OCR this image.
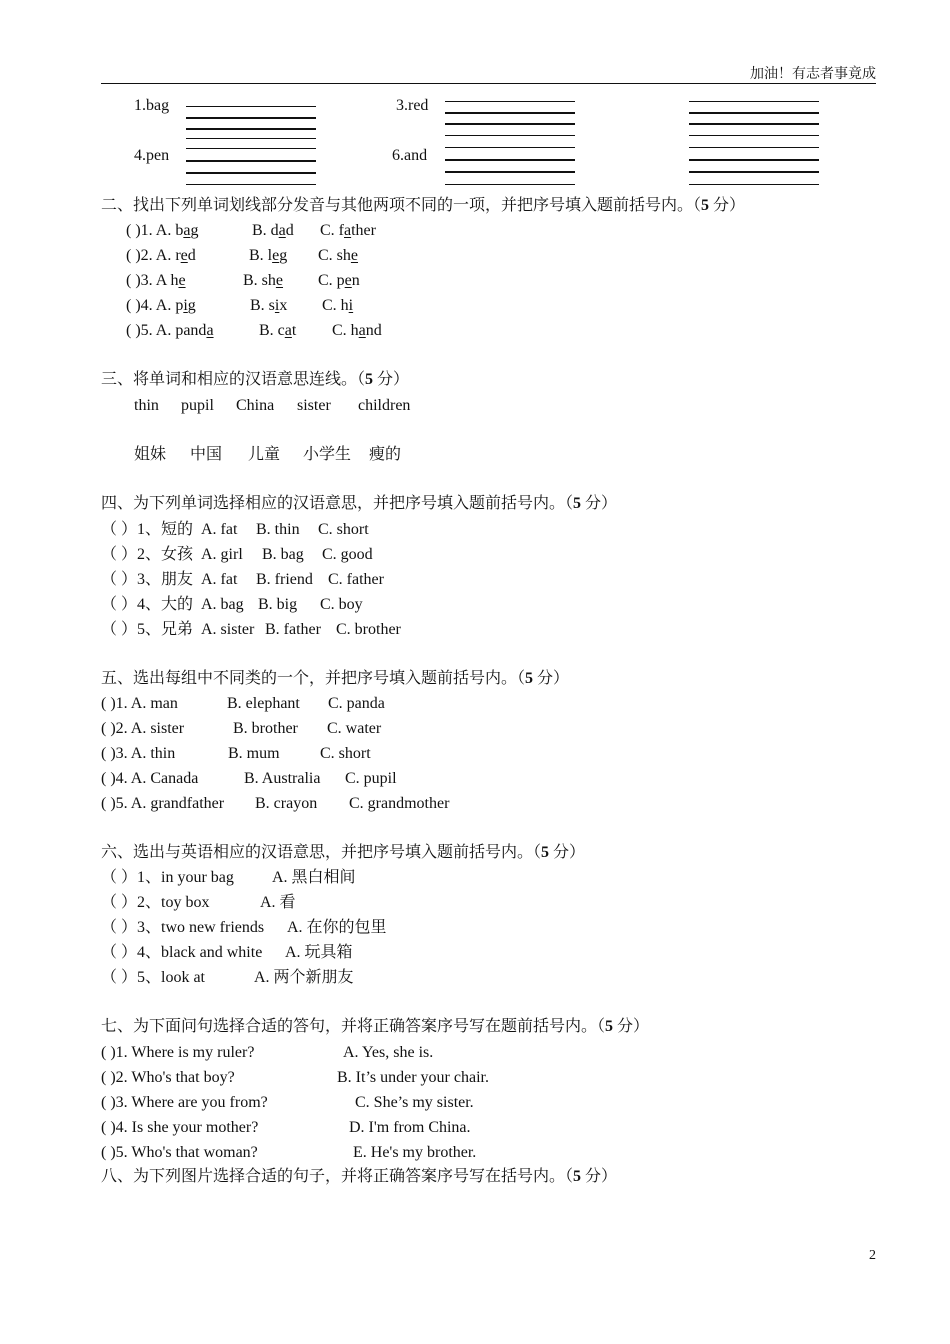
加油！有志者事竟成
1.bag	3.red
4.pen	6.and
二、找出下列单词划线部分发音与其他两项不同的一项，并把序号填入题前括号内。（5 分）
( )1. A. bag	B. dad C. father
( )2. A. red	B. leg C. she
( )3. A he	B. she C. pen
( )4. A. pig	B. six C. hi
( )5. A. panda	B. cat C. hand
三、将单词和相应的汉语意思连线。（5 分）
thin pupil China sister children
姐妹 中国 儿童 小学生 瘦的
四、为下列单词选择相应的汉语意思，并把序号填入题前括号内。（5 分）
（ ）1、短的 A. fat B. thin C. short
（ ）2、女孩 A. girl B. bag C. good
（ ）3、朋友 A. fat B. friend C. father
（ ）4、大的 A. bag B. big C. boy
（ ）5、兄弟 A. sister B. father C. brother
五、选出每组中不同类的一个，并把序号填入题前括号内。（5 分）
( )1. A. man	B. elephant C. panda
( )2. A. sister	B. brother C. water
( )3. A. thin	B. mum	C. short
( )4. A. Canada	B. Australia C. pupil
( )5. A. grandfather B. crayon C. grandmother
六、选出与英语相应的汉语意思，并把序号填入题前括号内。（5 分）
（ ）1、in your bag A. 黑白相间
（ ）2、toy box	A. 看
（ ）3、two new friends A. 在你的包里
（ ）4、black and white A. 玩具箱
（ ）5、look at	A. 两个新朋友
七、为下面问句选择合适的答句，并将正确答案序号写在题前括号内。（5 分）
( )1. Where is my ruler?	A. Yes, she is.
( )2. Who's that boy?	B. It’s under your chair.
( )3. Where are you from?	C. She’s my sister.
( )4. Is she your mother?	D. I'm from China.
( )5. Who's that woman?	E. He's my brother.
八、为下列图片选择合适的句子，并将正确答案序号写在括号内。（5 分）
2
